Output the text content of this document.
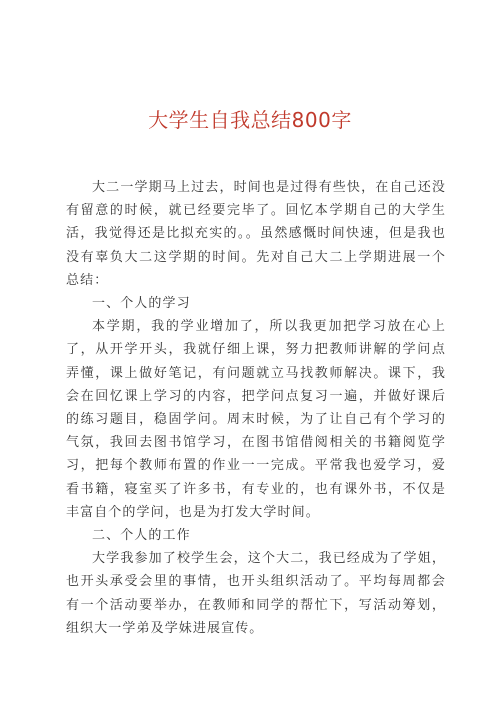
大学生自我总结800字

大二一学期马上过去，时间也是过得有些快，在自己还没有留意的时候，就已经要完毕了。回忆本学期自己的大学生活，我觉得还是比拟充实的。。虽然感慨时间快速，但是我也没有辜负大二这学期的时间。先对自己大二上学期进展一个总结：

一、个人的学习

本学期，我的学业增加了，所以我更加把学习放在心上了，从开学开头，我就仔细上课，努力把教师讲解的学问点弄懂，课上做好笔记，有问题就立马找教师解决。课下，我会在回忆课上学习的内容，把学问点复习一遍，并做好课后的练习题目，稳固学问。周末时候，为了让自己有个学习的气氛，我回去图书馆学习，在图书馆借阅相关的书籍阅览学习，把每个教师布置的作业一一完成。平常我也爱学习，爱看书籍，寝室买了许多书，有专业的，也有课外书，不仅是丰富自个的学问，也是为打发大学时间。

二、个人的工作

大学我参加了校学生会，这个大二，我已经成为了学姐，也开头承受会里的事情，也开头组织活动了。平均每周都会有一个活动要举办，在教师和同学的帮忙下，写活动筹划，组织大一学弟及学妹进展宣传。
